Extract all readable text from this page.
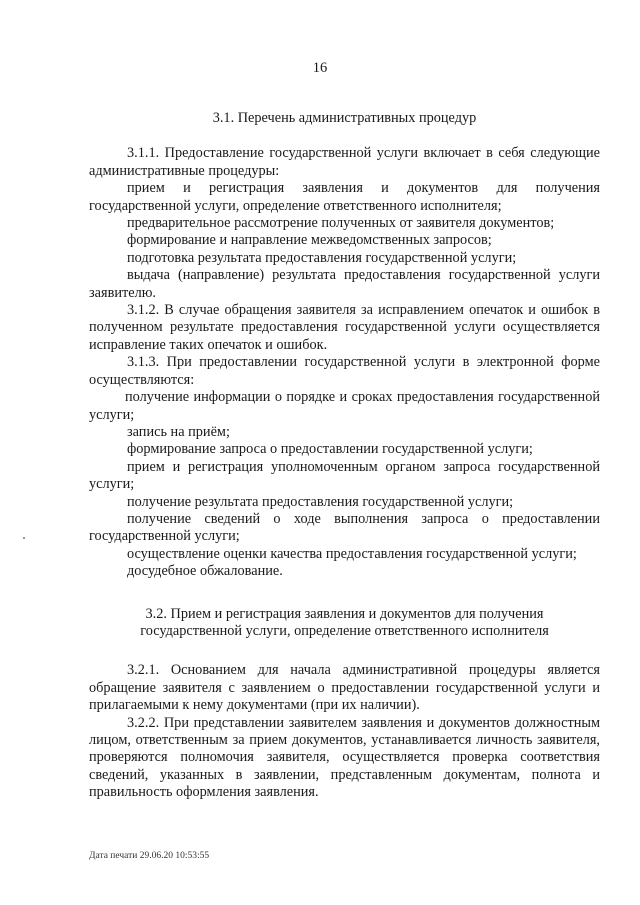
16

3.1. Перечень административных процедур

3.1.1. Предоставление государственной услуги включает в себя следующие административные процедуры:

прием и регистрация заявления и документов для получения государственной услуги, определение ответственного исполнителя;

предварительное рассмотрение полученных от заявителя документов;

формирование и направление межведомственных запросов;

подготовка результата предоставления государственной услуги;

выдача (направление) результата предоставления государственной услуги заявителю.

3.1.2. В случае обращения заявителя за исправлением опечаток и ошибок в полученном результате предоставления государственной услуги осуществляется исправление таких опечаток и ошибок.

3.1.3. При предоставлении государственной услуги в электронной форме осуществляются:

получение информации о порядке и сроках предоставления государственной услуги;

запись на приём;

формирование запроса о предоставлении государственной услуги;

прием и регистрация уполномоченным органом запроса государственной услуги;

получение результата предоставления государственной услуги;

получение сведений о ходе выполнения запроса о предоставлении государственной услуги;

осуществление оценки качества предоставления государственной услуги;

досудебное обжалование.

3.2. Прием и регистрация заявления и документов для получения
государственной услуги, определение ответственного исполнителя

3.2.1. Основанием для начала административной процедуры является обращение заявителя с заявлением о предоставлении государственной услуги и прилагаемыми к нему документами (при их наличии).

3.2.2. При представлении заявителем заявления и документов должностным лицом, ответственным за прием документов, устанавливается личность заявителя, проверяются полномочия заявителя, осуществляется проверка соответствия сведений, указанных в заявлении, представленным документам, полнота и правильность оформления заявления.

Дата печати 29.06.20 10:53:55
